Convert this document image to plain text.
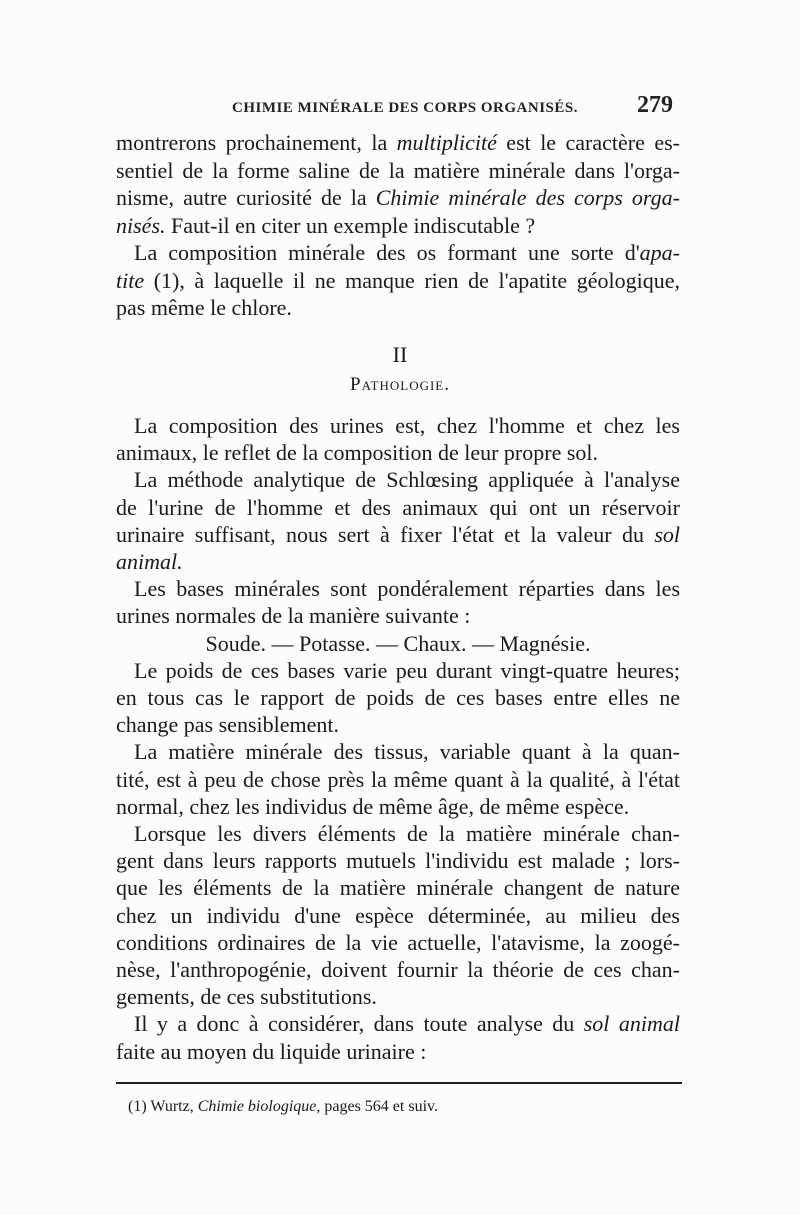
CHIMIE MINÉRALE DES CORPS ORGANISÉS. 279
montrerons prochainement, la multiplicité est le caractère es-
sentiel de la forme saline de la matière minérale dans l'orga-
nisme, autre curiosité de la Chimie minérale des corps orga-
nisés. Faut-il en citer un exemple indiscutable ?
La composition minérale des os formant une sorte d'apa-
tite (1), à laquelle il ne manque rien de l'apatite géologique,
pas même le chlore.
II
Pathologie.
La composition des urines est, chez l'homme et chez les
animaux, le reflet de la composition de leur propre sol.
La méthode analytique de Schlœsing appliquée à l'analyse
de l'urine de l'homme et des animaux qui ont un réservoir
urinaire suffisant, nous sert à fixer l'état et la valeur du sol
animal.
Les bases minérales sont pondéralement réparties dans les
urines normales de la manière suivante :
Soude. — Potasse. — Chaux. — Magnésie.
Le poids de ces bases varie peu durant vingt-quatre heures;
en tous cas le rapport de poids de ces bases entre elles ne
change pas sensiblement.
La matière minérale des tissus, variable quant à la quan-
tité, est à peu de chose près la même quant à la qualité, à l'état
normal, chez les individus de même âge, de même espèce.
Lorsque les divers éléments de la matière minérale chan-
gent dans leurs rapports mutuels l'individu est malade ; lors-
que les éléments de la matière minérale changent de nature
chez un individu d'une espèce déterminée, au milieu des
conditions ordinaires de la vie actuelle, l'atavisme, la zoogé-
nèse, l'anthropogénie, doivent fournir la théorie de ces chan-
gements, de ces substitutions.
Il y a donc à considérer, dans toute analyse du sol animal
faite au moyen du liquide urinaire :
(1) Wurtz, Chimie biologique, pages 564 et suiv.
